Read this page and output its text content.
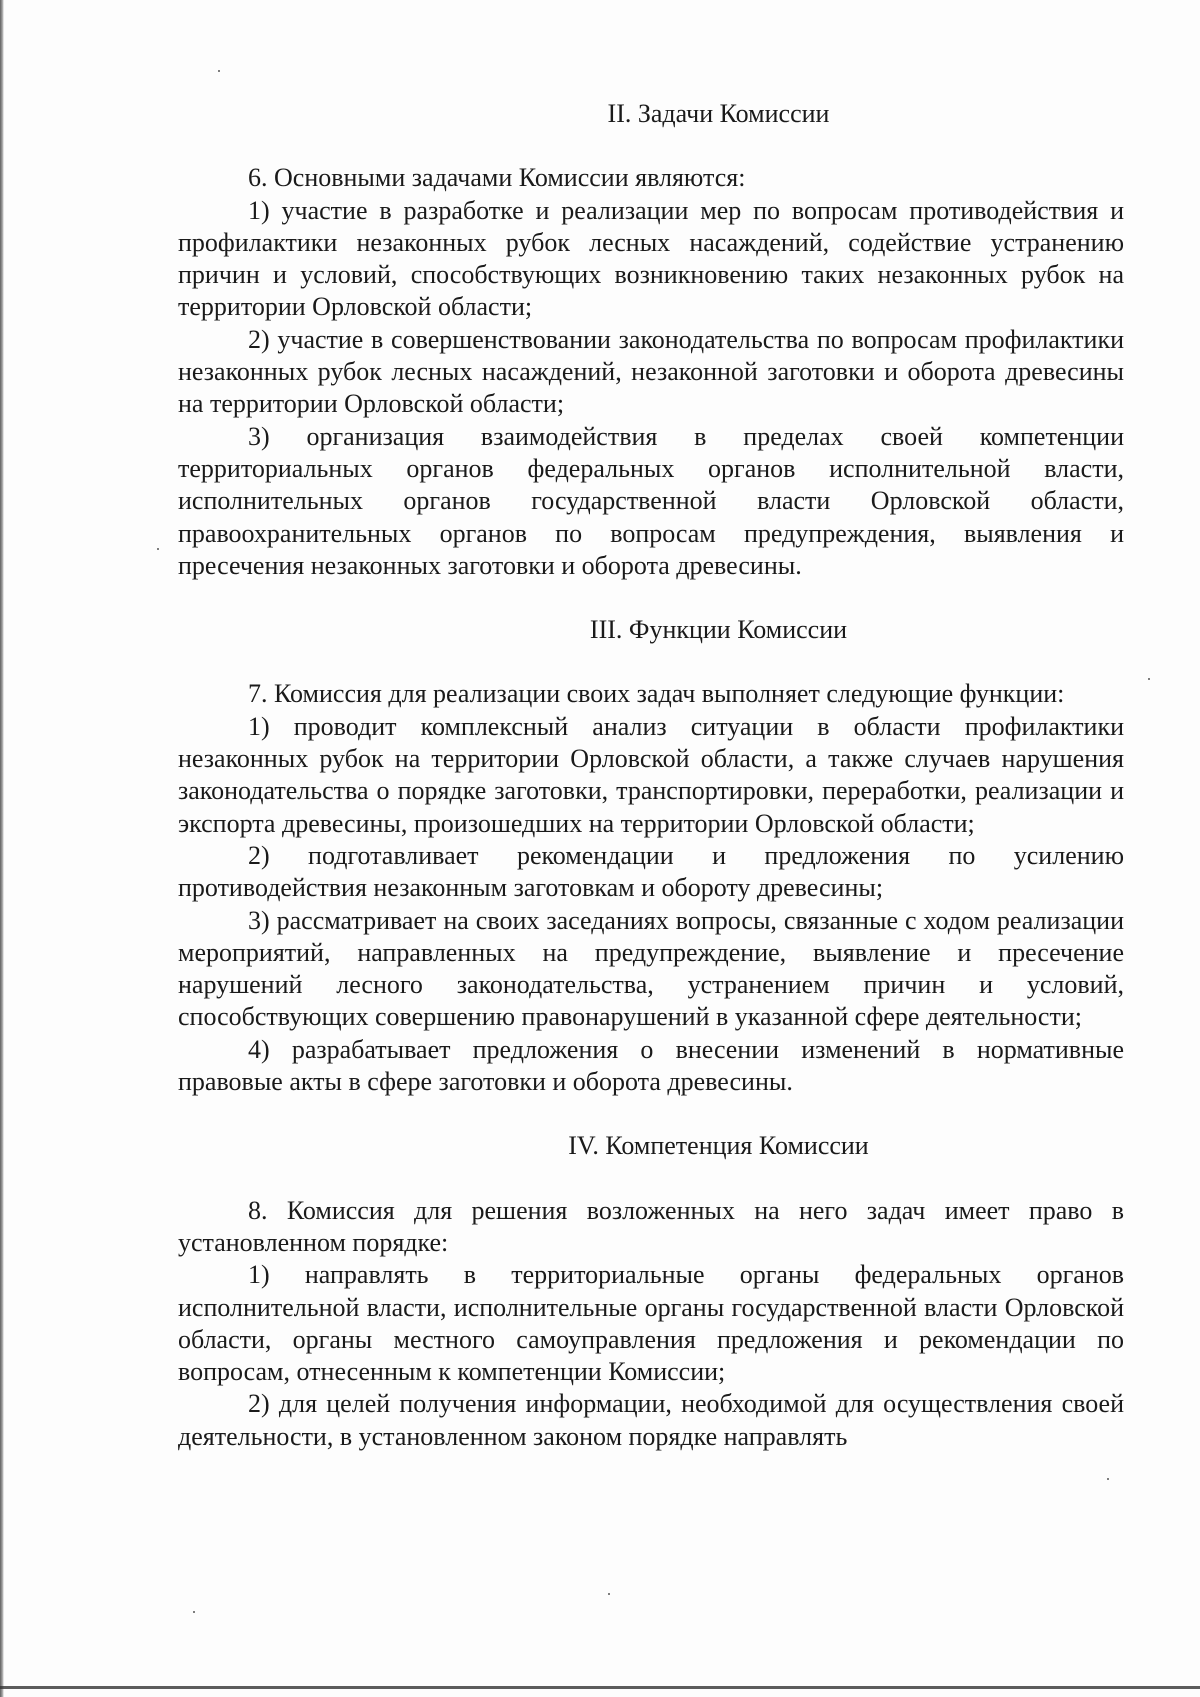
II. Задачи Комиссии

6. Основными задачами Комиссии являются:

1) участие в разработке и реализации мер по вопросам противодействия и профилактики незаконных рубок лесных насаждений, содействие устранению причин и условий, способствующих возникновению таких незаконных рубок на территории Орловской области;

2) участие в совершенствовании законодательства по вопросам профилактики незаконных рубок лесных насаждений, незаконной заготовки и оборота древесины на территории Орловской области;

3) организация взаимодействия в пределах своей компетенции территориальных органов федеральных органов исполнительной власти, исполнительных органов государственной власти Орловской области, правоохранительных органов по вопросам предупреждения, выявления и пресечения незаконных заготовки и оборота древесины.

III. Функции Комиссии

7. Комиссия для реализации своих задач выполняет следующие функции:

1) проводит комплексный анализ ситуации в области профилактики незаконных рубок на территории Орловской области, а также случаев нарушения законодательства о порядке заготовки, транспортировки, переработки, реализации и экспорта древесины, произошедших на территории Орловской области;

2) подготавливает рекомендации и предложения по усилению противодействия незаконным заготовкам и обороту древесины;

3) рассматривает на своих заседаниях вопросы, связанные с ходом реализации мероприятий, направленных на предупреждение, выявление и пресечение нарушений лесного законодательства, устранением причин и условий, способствующих совершению правонарушений в указанной сфере деятельности;

4) разрабатывает предложения о внесении изменений в нормативные правовые акты в сфере заготовки и оборота древесины.

IV. Компетенция Комиссии

8. Комиссия для решения возложенных на него задач имеет право в установленном порядке:

1) направлять в территориальные органы федеральных органов исполнительной власти, исполнительные органы государственной власти Орловской области, органы местного самоуправления предложения и рекомендации по вопросам, отнесенным к компетенции Комиссии;

2) для целей получения информации, необходимой для осуществления своей деятельности, в установленном законом порядке направлять
